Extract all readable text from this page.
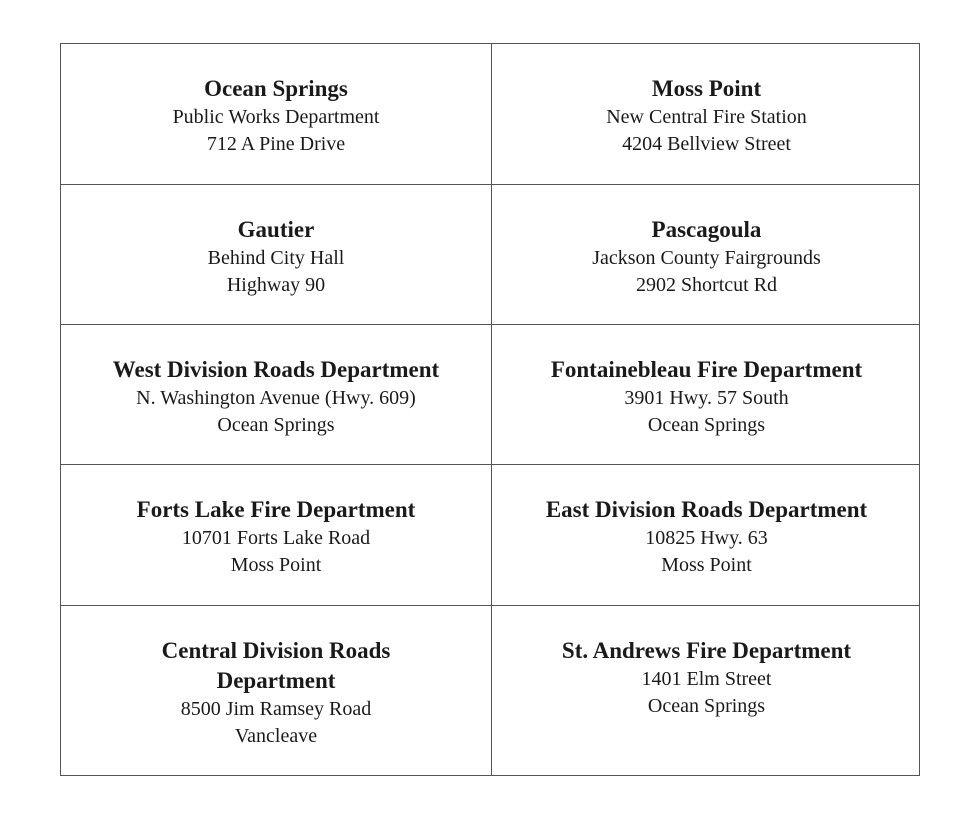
Ocean Springs
Public Works Department
712 A Pine Drive
Moss Point
New Central Fire Station
4204 Bellview Street
Gautier
Behind City Hall
Highway 90
Pascagoula
Jackson County Fairgrounds
2902 Shortcut Rd
West Division Roads Department
N. Washington Avenue (Hwy. 609)
Ocean Springs
Fontainebleau Fire Department
3901 Hwy. 57 South
Ocean Springs
Forts Lake Fire Department
10701 Forts Lake Road
Moss Point
East Division Roads Department
10825 Hwy. 63
Moss Point
Central Division Roads Department
8500 Jim Ramsey Road
Vancleave
St. Andrews Fire Department
1401 Elm Street
Ocean Springs
